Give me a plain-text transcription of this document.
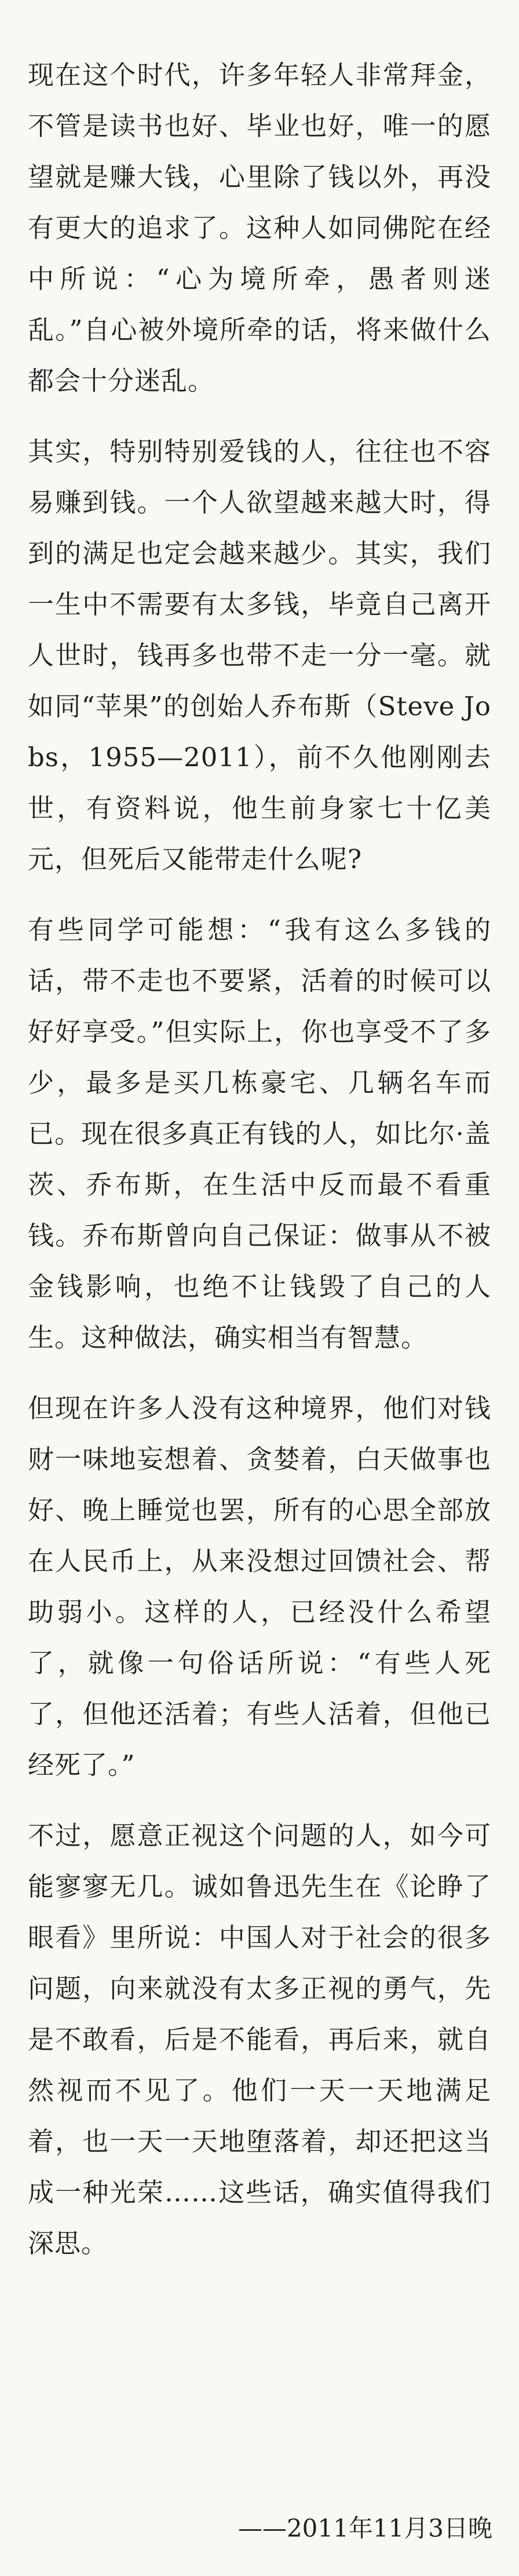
现在这个时代，许多年轻人非常拜金，不管是读书也好、毕业也好，唯一的愿望就是赚大钱，心里除了钱以外，再没有更大的追求了。这种人如同佛陀在经中所说：“心为境所牵，愚者则迷乱。”自心被外境所牵的话，将来做什么都会十分迷乱。

其实，特别特别爱钱的人，往往也不容易赚到钱。一个人欲望越来越大时，得到的满足也定会越来越少。其实，我们一生中不需要有太多钱，毕竟自己离开人世时，钱再多也带不走一分一毫。就如同“苹果”的创始人乔布斯（Steve Jobs，1955—2011），前不久他刚刚去世，有资料说，他生前身家七十亿美元，但死后又能带走什么呢?

有些同学可能想：“我有这么多钱的话，带不走也不要紧，活着的时候可以好好享受。”但实际上，你也享受不了多少，最多是买几栋豪宅、几辆名车而已。现在很多真正有钱的人，如比尔·盖茨、乔布斯，在生活中反而最不看重钱。乔布斯曾向自己保证：做事从不被金钱影响，也绝不让钱毁了自己的人生。这种做法，确实相当有智慧。

但现在许多人没有这种境界，他们对钱财一味地妄想着、贪婪着，白天做事也好、晚上睡觉也罢，所有的心思全部放在人民币上，从来没想过回馈社会、帮助弱小。这样的人，已经没什么希望了，就像一句俗话所说：“有些人死了，但他还活着；有些人活着，但他已经死了。”

不过，愿意正视这个问题的人，如今可能寥寥无几。诚如鲁迅先生在《论睁了眼看》里所说：中国人对于社会的很多问题，向来就没有太多正视的勇气，先是不敢看，后是不能看，再后来，就自然视而不见了。他们一天一天地满足着，也一天一天地堕落着，却还把这当成一种光荣……这些话，确实值得我们深思。

——2011年11月3日晚
